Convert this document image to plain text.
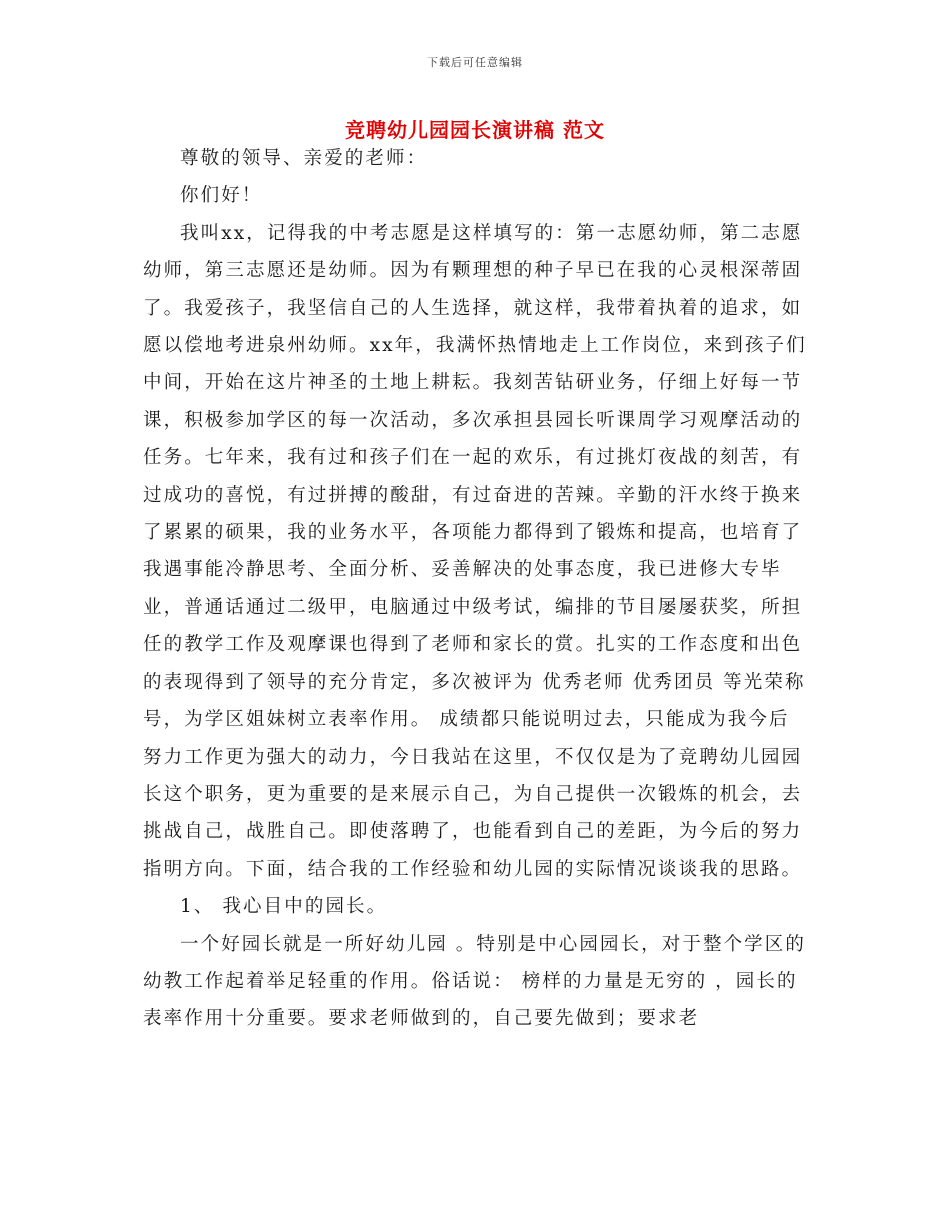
下载后可任意编辑
竞聘幼儿园园长演讲稿 范文

尊敬的领导、亲爱的老师：

你们好！

我叫xx，记得我的中考志愿是这样填写的：第一志愿幼师，第二志愿幼师，第三志愿还是幼师。因为有颗理想的种子早已在我的心灵根深蒂固了。我爱孩子，我坚信自己的人生选择，就这样，我带着执着的追求，如愿以偿地考进泉州幼师。xx年，我满怀热情地走上工作岗位，来到孩子们中间，开始在这片神圣的土地上耕耘。我刻苦钻研业务，仔细上好每一节课，积极参加学区的每一次活动，多次承担县园长听课周学习观摩活动的任务。七年来，我有过和孩子们在一起的欢乐，有过挑灯夜战的刻苦，有过成功的喜悦，有过拼搏的酸甜，有过奋进的苦辣。辛勤的汗水终于换来了累累的硕果，我的业务水平，各项能力都得到了锻炼和提高，也培育了我遇事能冷静思考、全面分析、妥善解决的处事态度，我已进修大专毕业，普通话通过二级甲，电脑通过中级考试，编排的节目屡屡获奖，所担任的教学工作及观摩课也得到了老师和家长的赏。扎实的工作态度和出色的表现得到了领导的充分肯定，多次被评为 优秀老师 优秀团员 等光荣称号，为学区姐妹树立表率作用。 成绩都只能说明过去，只能成为我今后努力工作更为强大的动力，今日我站在这里，不仅仅是为了竞聘幼儿园园长这个职务，更为重要的是来展示自己，为自己提供一次锻炼的机会，去挑战自己，战胜自己。即使落聘了，也能看到自己的差距，为今后的努力指明方向。下面，结合我的工作经验和幼儿园的实际情况谈谈我的思路。

1、 我心目中的园长。

一个好园长就是一所好幼儿园 。特别是中心园园长，对于整个学区的幼教工作起着举足轻重的作用。俗话说： 榜样的力量是无穷的 ，园长的表率作用十分重要。要求老师做到的，自己要先做到；要求老
